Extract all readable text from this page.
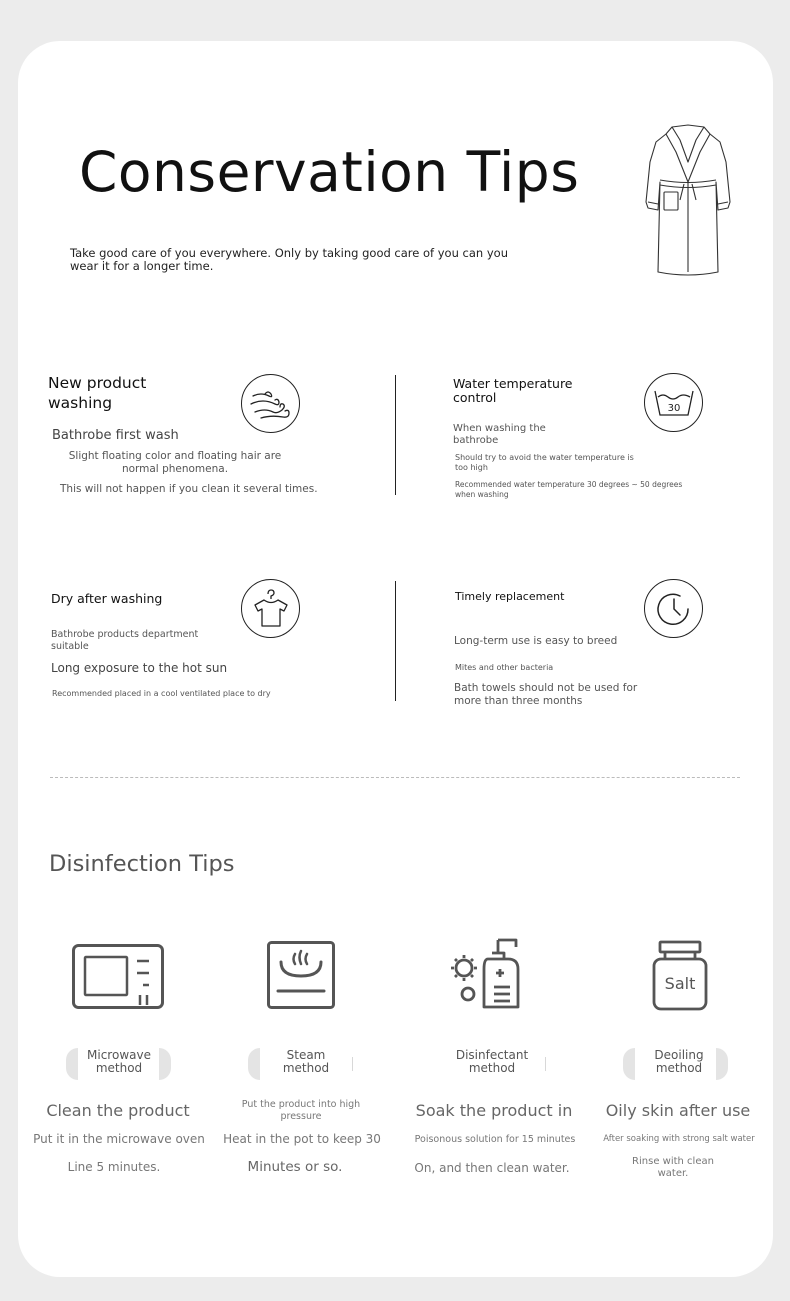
Conservation Tips
Take good care of you everywhere. Only by taking good care of you can you wear it for a longer time.
New product washing
Bathrobe first wash
Slight floating color and floating hair are normal phenomena.
This will not happen if you clean it several times.
Water temperature control
30
When washing the bathrobe
Should try to avoid the water temperature is too high
Recommended water temperature 30 degrees ~ 50 degrees when washing
Dry after washing
Bathrobe products department suitable
Long exposure to the hot sun
Recommended placed in a cool ventilated place to dry
Timely replacement
Long-term use is easy to breed
Mites and other bacteria
Bath towels should not be used for more than three months
Disinfection Tips
Salt
Microwave method
Steam method
Disinfectant method
Deoiling method
Clean the product
Put it in the microwave oven
Line 5 minutes.
Put the product into high pressure
Heat in the pot to keep 30
Minutes or so.
Soak the product in
Poisonous solution for 15 minutes
On, and then clean water.
Oily skin after use
After soaking with strong salt water
Rinse with clean water.
